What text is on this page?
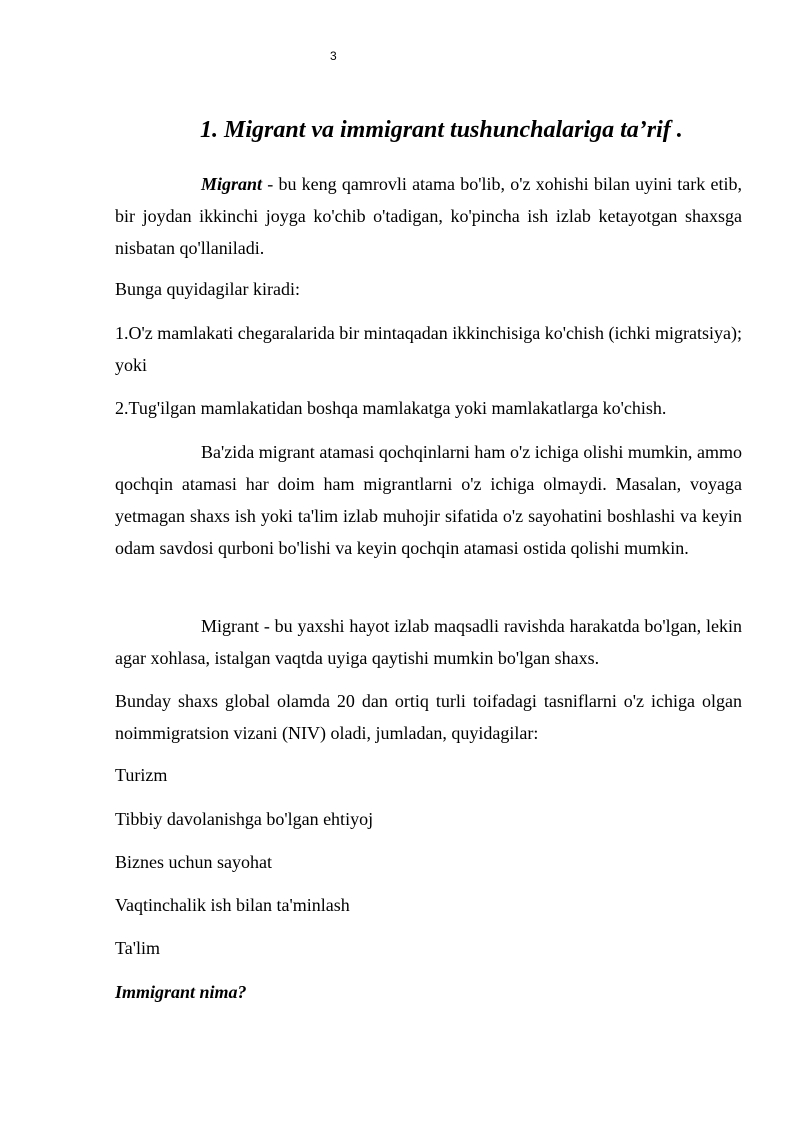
3
1. Migrant va immigrant tushunchalariga ta’rif .

Migrant - bu keng qamrovli atama bo'lib, o'z xohishi bilan uyini tark etib, bir joydan ikkinchi joyga ko'chib o'tadigan, ko'pincha ish izlab ketayotgan shaxsga nisbatan qo'llaniladi.

Bunga quyidagilar kiradi:

1.O'z mamlakati chegaralarida bir mintaqadan ikkinchisiga ko'chish (ichki migratsiya); yoki

2.Tug'ilgan mamlakatidan boshqa mamlakatga yoki mamlakatlarga ko'chish.

Ba'zida migrant atamasi qochqinlarni ham o'z ichiga olishi mumkin, ammo qochqin atamasi har doim ham migrantlarni o'z ichiga olmaydi. Masalan, voyaga yetmagan shaxs ish yoki ta'lim izlab muhojir sifatida o'z sayohatini boshlashi va keyin odam savdosi qurboni bo'lishi va keyin qochqin atamasi ostida qolishi mumkin.

Migrant - bu yaxshi hayot izlab maqsadli ravishda harakatda bo'lgan, lekin agar xohlasa, istalgan vaqtda uyiga qaytishi mumkin bo'lgan shaxs.

Bunday shaxs global olamda 20 dan ortiq turli toifadagi tasniflarni o'z ichiga olgan noimmigratsion vizani (NIV) oladi, jumladan, quyidagilar:

Turizm

Tibbiy davolanishga bo'lgan ehtiyoj

Biznes uchun sayohat

Vaqtinchalik ish bilan ta'minlash

Ta'lim

Immigrant nima?
